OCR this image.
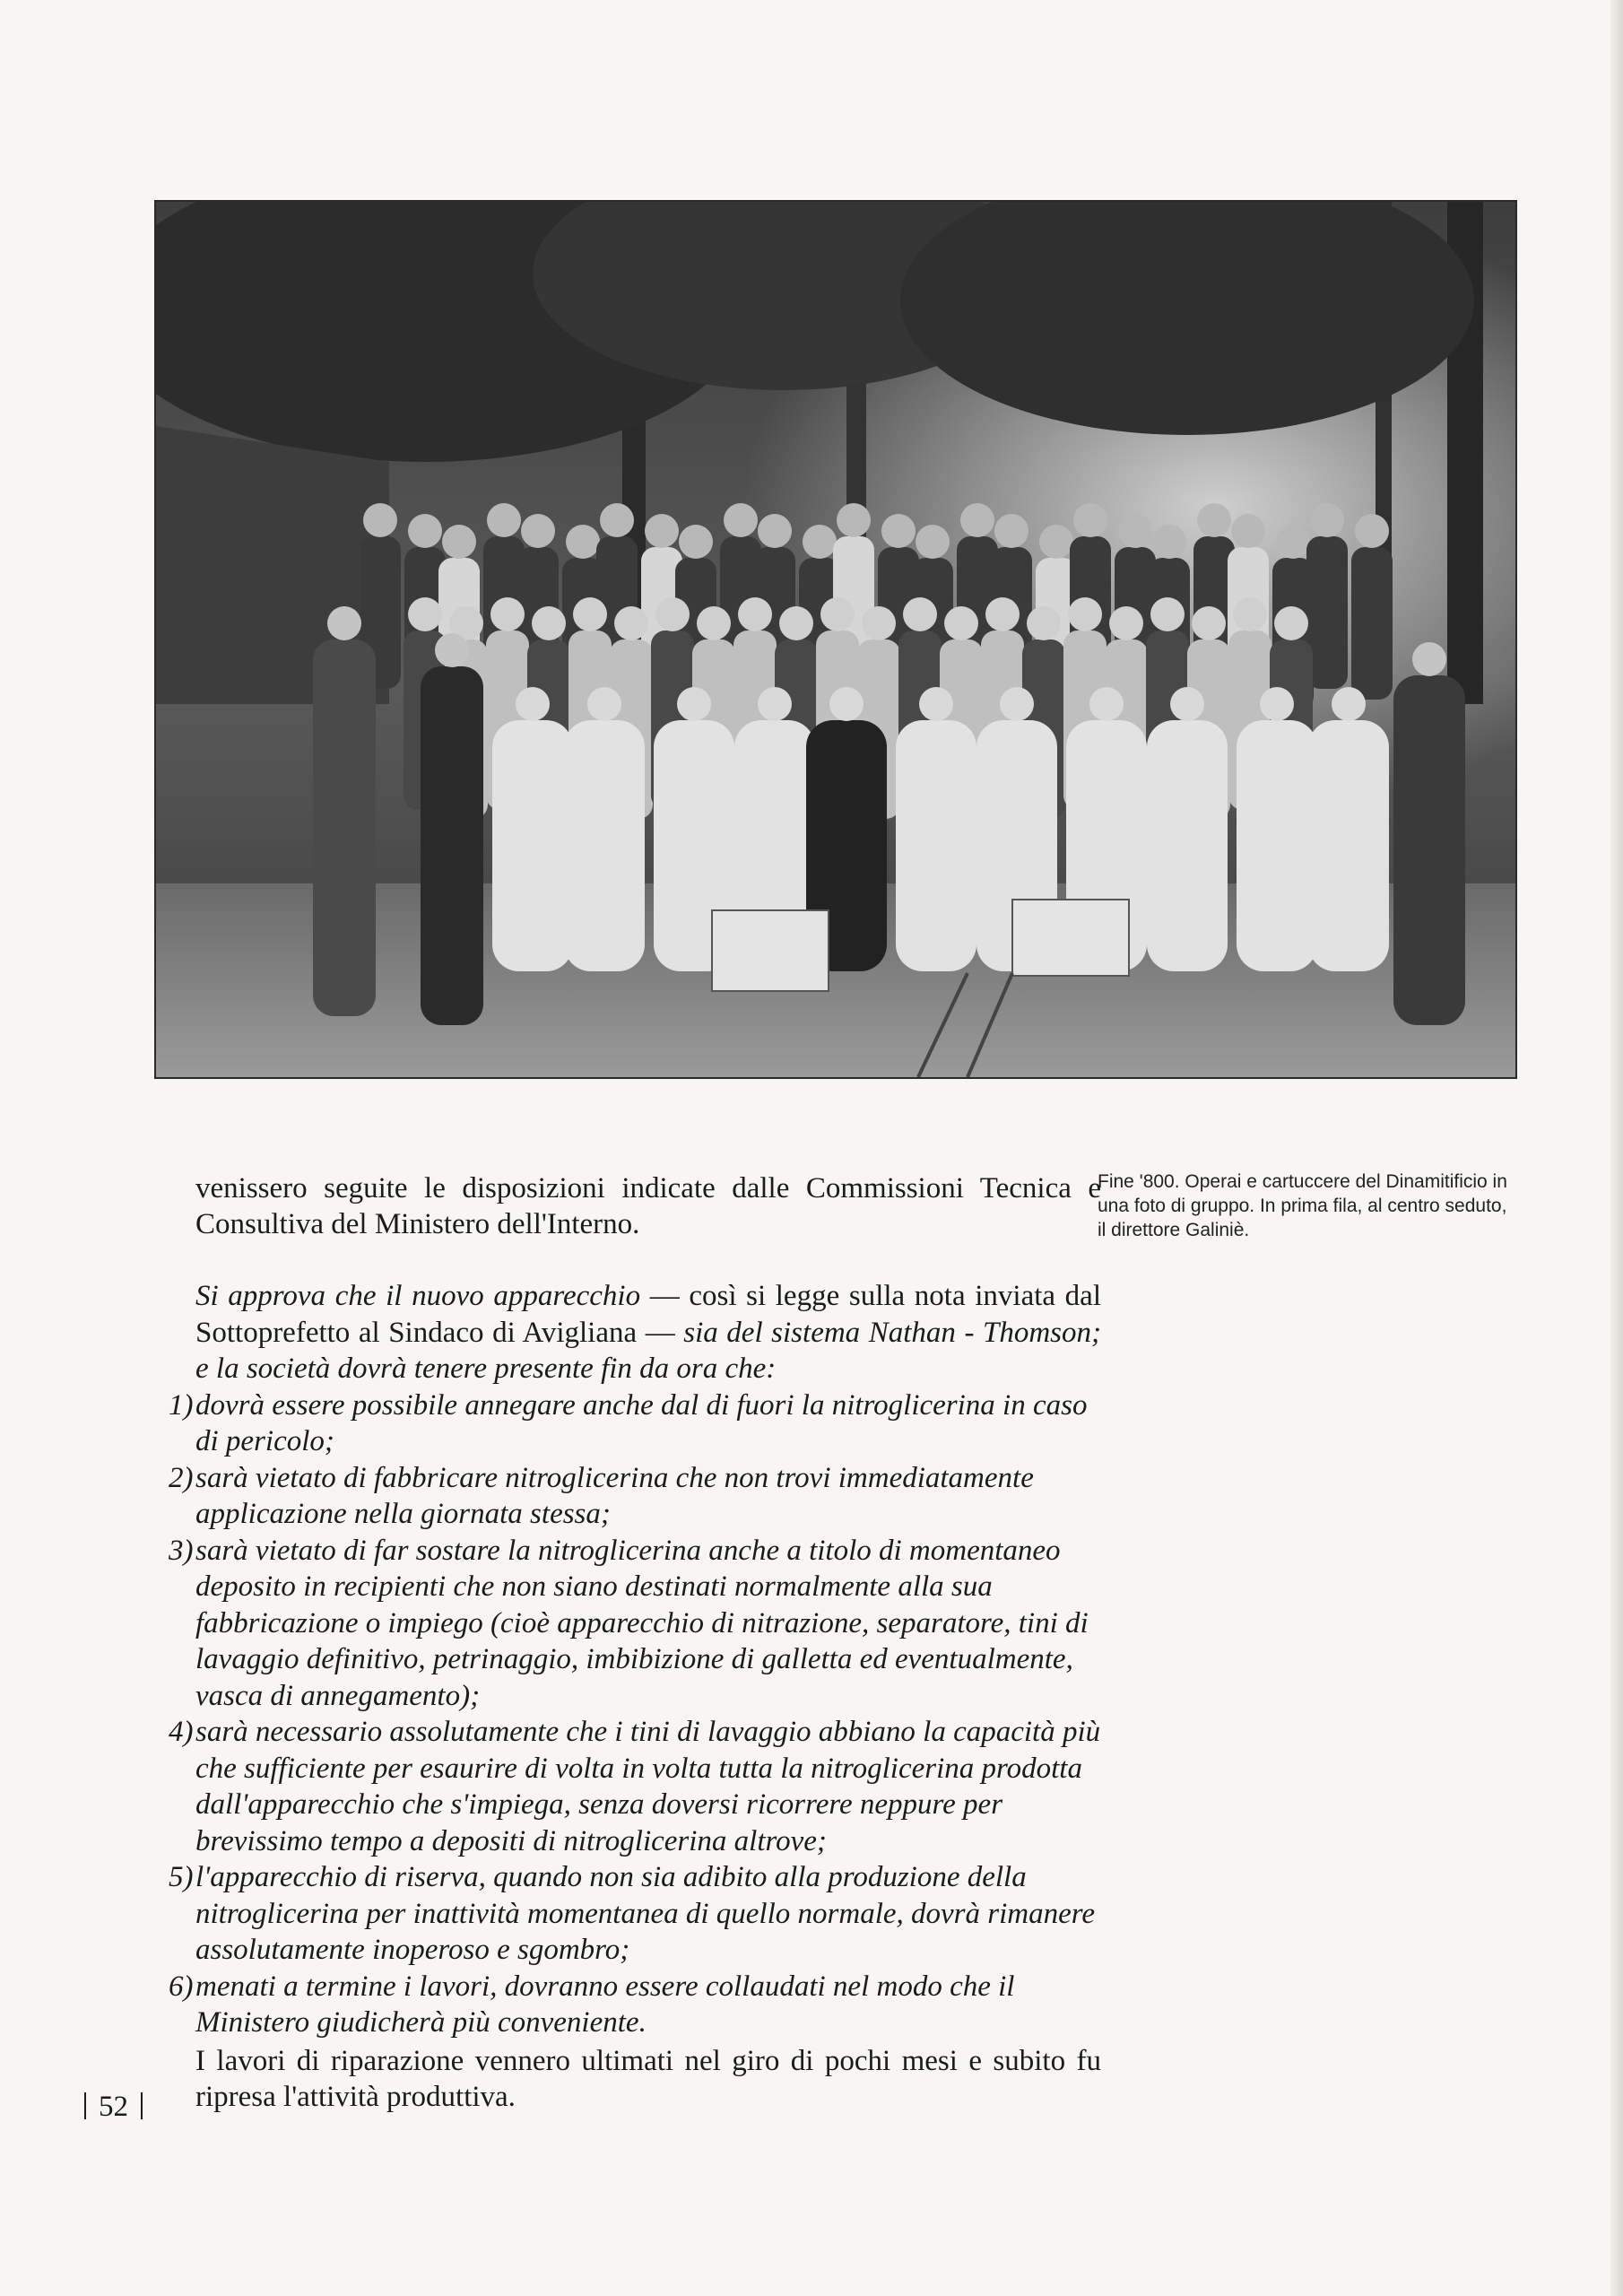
Fine '800. Operai e cartuccere del Dinamitificio in una foto di gruppo. In prima fila, al centro seduto, il direttore Galiniè.
venissero seguite le disposizioni indicate dalle Commissioni Tecnica e Consultiva del Ministero dell'Interno.

Si approva che il nuovo apparecchio — così si legge sulla nota inviata dal Sottoprefetto al Sindaco di Avigliana — sia del sistema Nathan - Thomson; e la società dovrà tenere presente fin da ora che:

1) dovrà essere possibile annegare anche dal di fuori la nitroglicerina in caso di pericolo;
2) sarà vietato di fabbricare nitroglicerina che non trovi immediatamente applicazione nella giornata stessa;
3) sarà vietato di far sostare la nitroglicerina anche a titolo di momentaneo deposito in recipienti che non siano destinati normalmente alla sua fabbricazione o impiego (cioè apparecchio di nitrazione, separatore, tini di lavaggio definitivo, petrinaggio, imbibizione di galletta ed eventualmente, vasca di annegamento);
4) sarà necessario assolutamente che i tini di lavaggio abbiano la capacità più che sufficiente per esaurire di volta in volta tutta la nitroglicerina prodotta dall'apparecchio che s'impiega, senza doversi ricorrere neppure per brevissimo tempo a depositi di nitroglicerina altrove;
5) l'apparecchio di riserva, quando non sia adibito alla produzione della nitroglicerina per inattività momentanea di quello normale, dovrà rimanere assolutamente inoperoso e sgombro;
6) menati a termine i lavori, dovranno essere collaudati nel modo che il Ministero giudicherà più conveniente.
I lavori di riparazione vennero ultimati nel giro di pochi mesi e subito fu ripresa l'attività produttiva.
52
